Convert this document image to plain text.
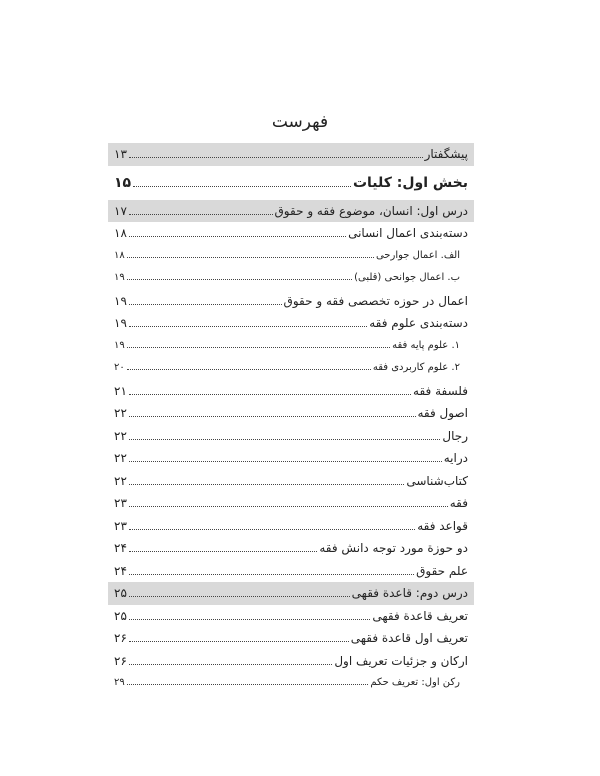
فهرست
پیشگفتار
۱۳
بخش اول: کلیات
۱۵
درس اول: انسان، موضوع فقه و حقوق
۱۷
دسته‌بندی اعمال انسانی
۱۸
الف. اعمال جوارحی
۱۸
ب. اعمال جوانحی (قلبی)
۱۹
اعمال در حوزه تخصصی فقه و حقوق
۱۹
دسته‌بندی علوم فقه
۱۹
۱. علوم پایه فقه
۱۹
۲. علوم کاربردی فقه
۲۰
فلسفة فقه
۲۱
اصول فقه
۲۲
رجال
۲۲
درایه
۲۲
کتاب‌شناسی
۲۲
فقه
۲۳
قواعد فقه
۲۳
دو حوزة مورد توجه دانش فقه
۲۴
علم حقوق
۲۴
درس دوم: قاعدة فقهی
۲۵
تعریف قاعدة فقهی
۲۵
تعریف اول قاعدة فقهی
۲۶
ارکان و جزئیات تعریف اول
۲۶
رکن اول: تعریف حکم
۲۹
